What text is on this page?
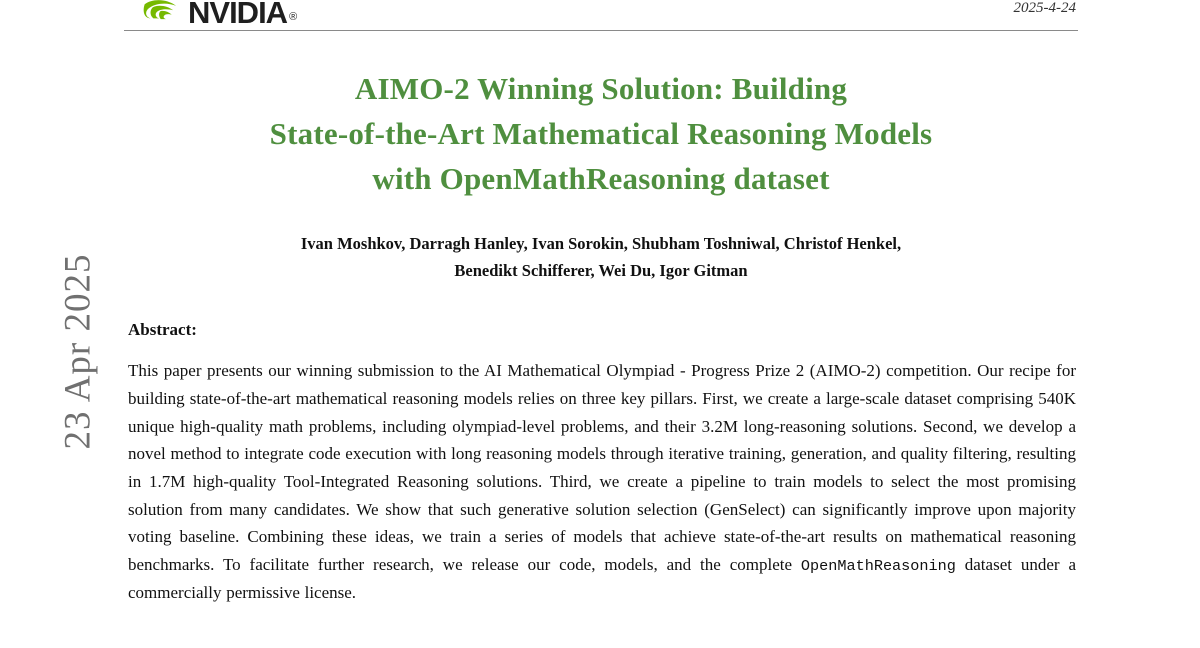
23 Apr 2025
NVIDIA ®
2025-4-24
AIMO-2 Winning Solution: Building
State-of-the-Art Mathematical Reasoning Models
with OpenMathReasoning dataset
Ivan Moshkov, Darragh Hanley, Ivan Sorokin, Shubham Toshniwal, Christof Henkel,
Benedikt Schifferer, Wei Du, Igor Gitman
Abstract:

This paper presents our winning submission to the AI Mathematical Olympiad - Progress Prize 2 (AIMO-2) competition. Our recipe for building state-of-the-art mathematical reasoning models relies on three key pillars. First, we create a large-scale dataset comprising 540K unique high-quality math problems, including olympiad-level problems, and their 3.2M long-reasoning solutions. Second, we develop a novel method to integrate code execution with long reasoning models through iterative training, generation, and quality filtering, resulting in 1.7M high-quality Tool-Integrated Reasoning solutions. Third, we create a pipeline to train models to select the most promising solution from many candidates. We show that such generative solution selection (GenSelect) can significantly improve upon majority voting baseline. Combining these ideas, we train a series of models that achieve state-of-the-art results on mathematical reasoning benchmarks. To facilitate further research, we release our code, models, and the complete OpenMathReasoning dataset under a commercially permissive license.
